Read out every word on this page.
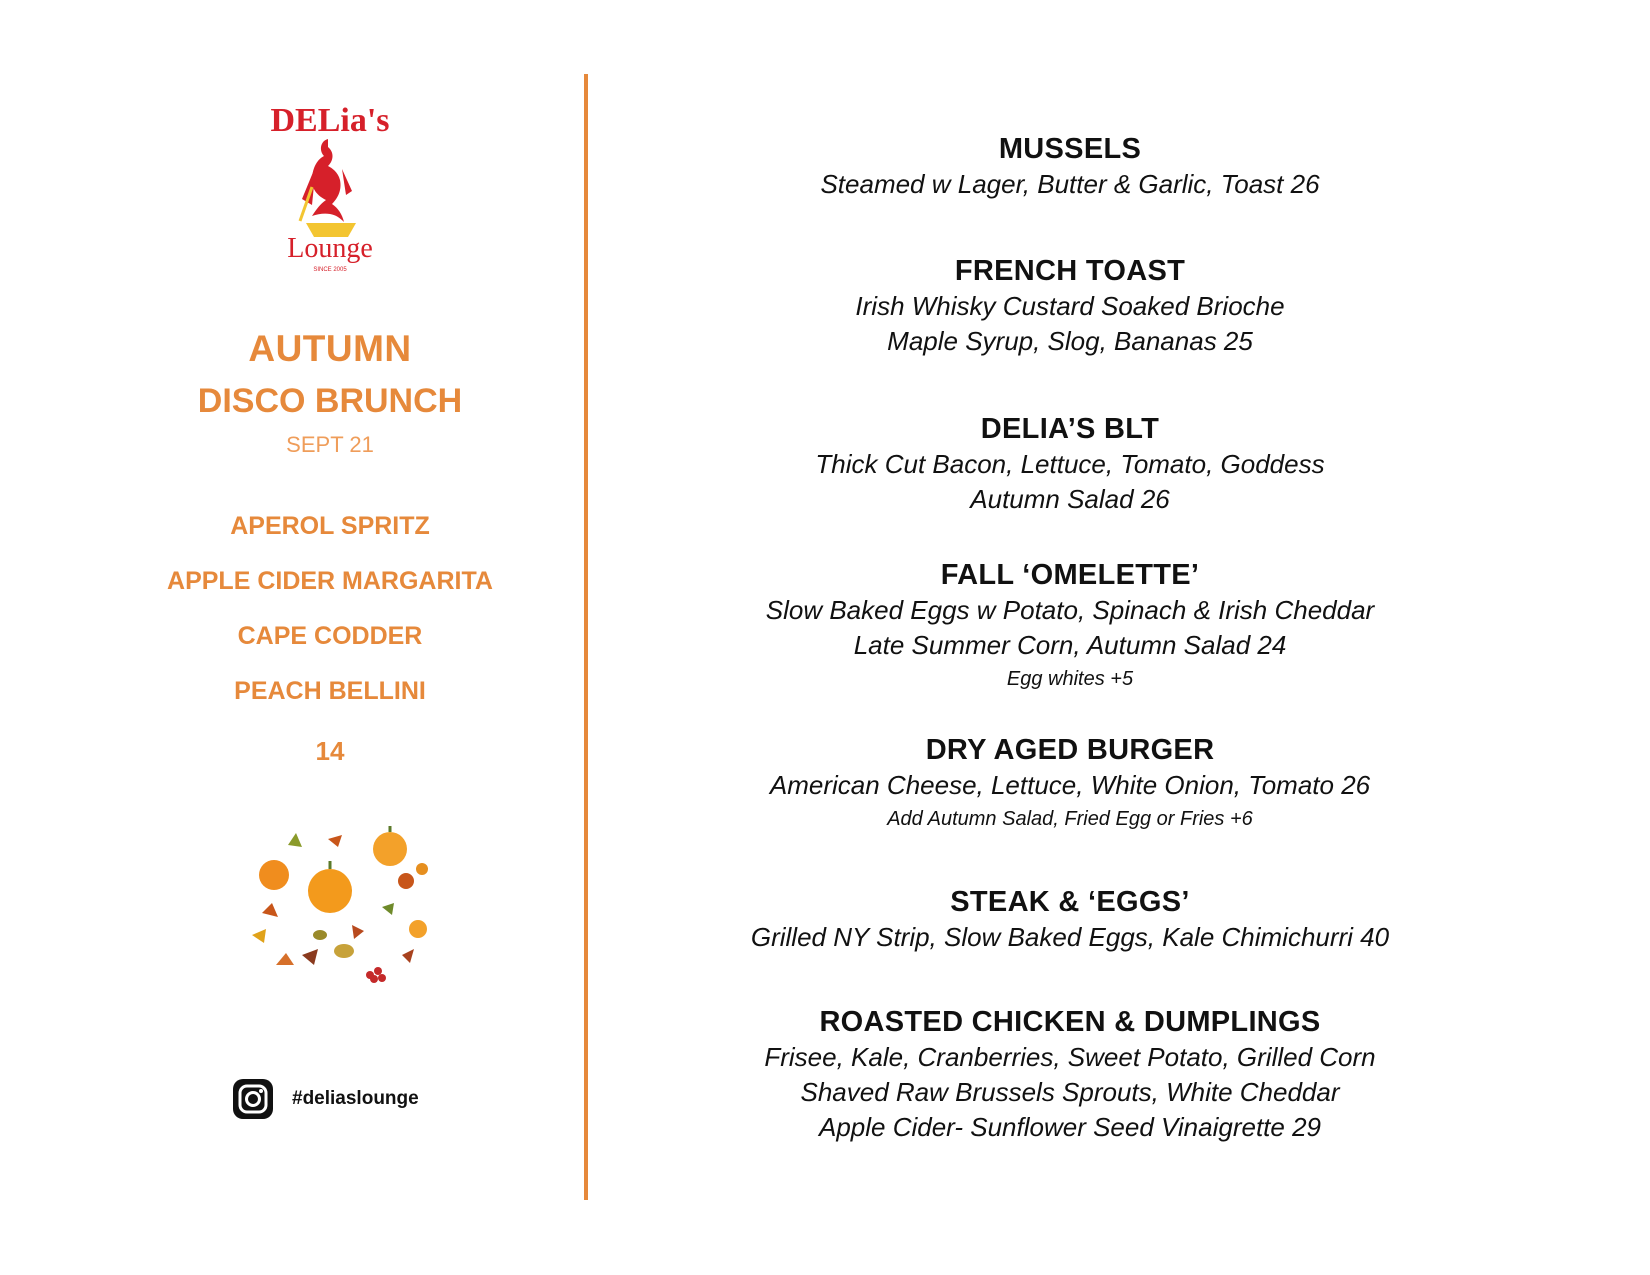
DELia's
Lounge
SINCE 2005
AUTUMN
DISCO BRUNCH
SEPT 21
APEROL SPRITZ
APPLE CIDER MARGARITA
CAPE CODDER
PEACH BELLINI
14
#deliaslounge
MUSSELS
Steamed w Lager, Butter & Garlic, Toast 26
FRENCH TOAST
Irish Whisky Custard Soaked Brioche
Maple Syrup, Slog, Bananas 25
DELIA’S BLT
Thick Cut Bacon, Lettuce, Tomato, Goddess
Autumn Salad 26
FALL ‘OMELETTE’
Slow Baked Eggs w Potato, Spinach & Irish Cheddar
Late Summer Corn, Autumn Salad 24
Egg whites +5
DRY AGED BURGER
American Cheese, Lettuce, White Onion, Tomato 26
Add Autumn Salad, Fried Egg or Fries +6
STEAK & ‘EGGS’
Grilled NY Strip, Slow Baked Eggs, Kale Chimichurri 40
ROASTED CHICKEN & DUMPLINGS
Frisee, Kale, Cranberries, Sweet Potato, Grilled Corn
Shaved Raw Brussels Sprouts, White Cheddar
Apple Cider- Sunflower Seed Vinaigrette 29
